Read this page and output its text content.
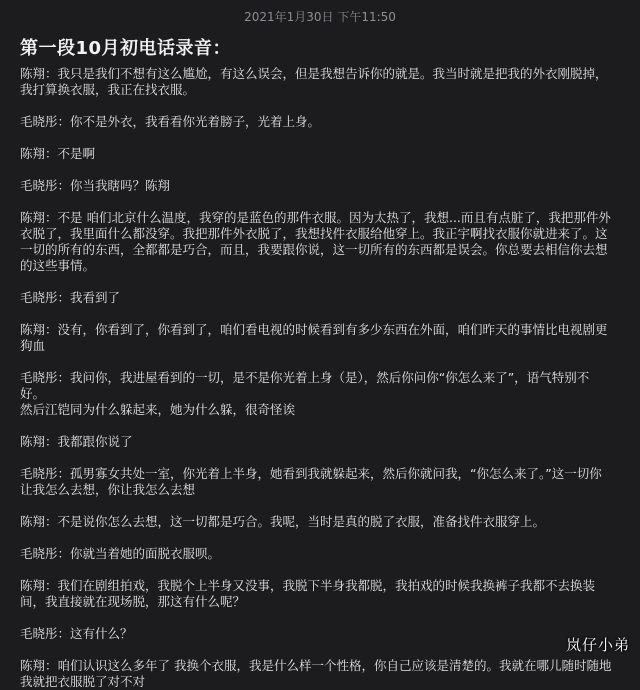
2021年1月30日 下午11:50
第一段10月初电话录音：
陈翔：我只是我们不想有这么尴尬，有这么误会，但是我想告诉你的就是。我当时就是把我的外衣刚脱掉，
我打算换衣服，我正在找衣服。
毛晓彤：你不是外衣，我看看你光着膀子，光着上身。
陈翔：不是啊
毛晓彤：你当我瞎吗？陈翔
陈翔：不是 咱们北京什么温度，我穿的是蓝色的那件衣服。因为太热了，我想...而且有点脏了，我把那件外
衣脱了，我里面什么都没穿。我把那件外衣脱了，我想找件衣服给他穿上。我正宇啊找衣服你就进来了。这
一切的所有的东西，全都都是巧合，而且，我要跟你说，这一切所有的东西都是误会。你总要去相信你去想
的这些事情。
毛晓彤：我看到了
陈翔：没有，你看到了，你看到了，咱们看电视的时候看到有多少东西在外面，咱们昨天的事情比电视剧更
狗血
毛晓彤：我问你，我进屋看到的一切，是不是你光着上身（是），然后你问你“你怎么来了”，语气特别不
好。
然后江铠同为什么躲起来，她为什么躲，很奇怪诶
陈翔：我都跟你说了
毛晓彤：孤男寡女共处一室，你光着上半身，她看到我就躲起来，然后你就问我，“你怎么来了。”这一切你
让我怎么去想，你让我怎么去想
陈翔：不是说你怎么去想，这一切都是巧合。我呢，当时是真的脱了衣服，准备找件衣服穿上。
毛晓彤：你就当着她的面脱衣服呗。
陈翔：我们在剧组拍戏，我脱个上半身又没事，我脱下半身我都脱，我拍戏的时候我换裤子我都不去换装
间，我直接就在现场脱，那这有什么呢？
毛晓彤：这有什么？
陈翔：咱们认识这么多年了 我换个衣服，我是什么样一个性格，你自己应该是清楚的。我就在哪儿随时随地
我就把衣服脱了对不对
岚仔小弟
